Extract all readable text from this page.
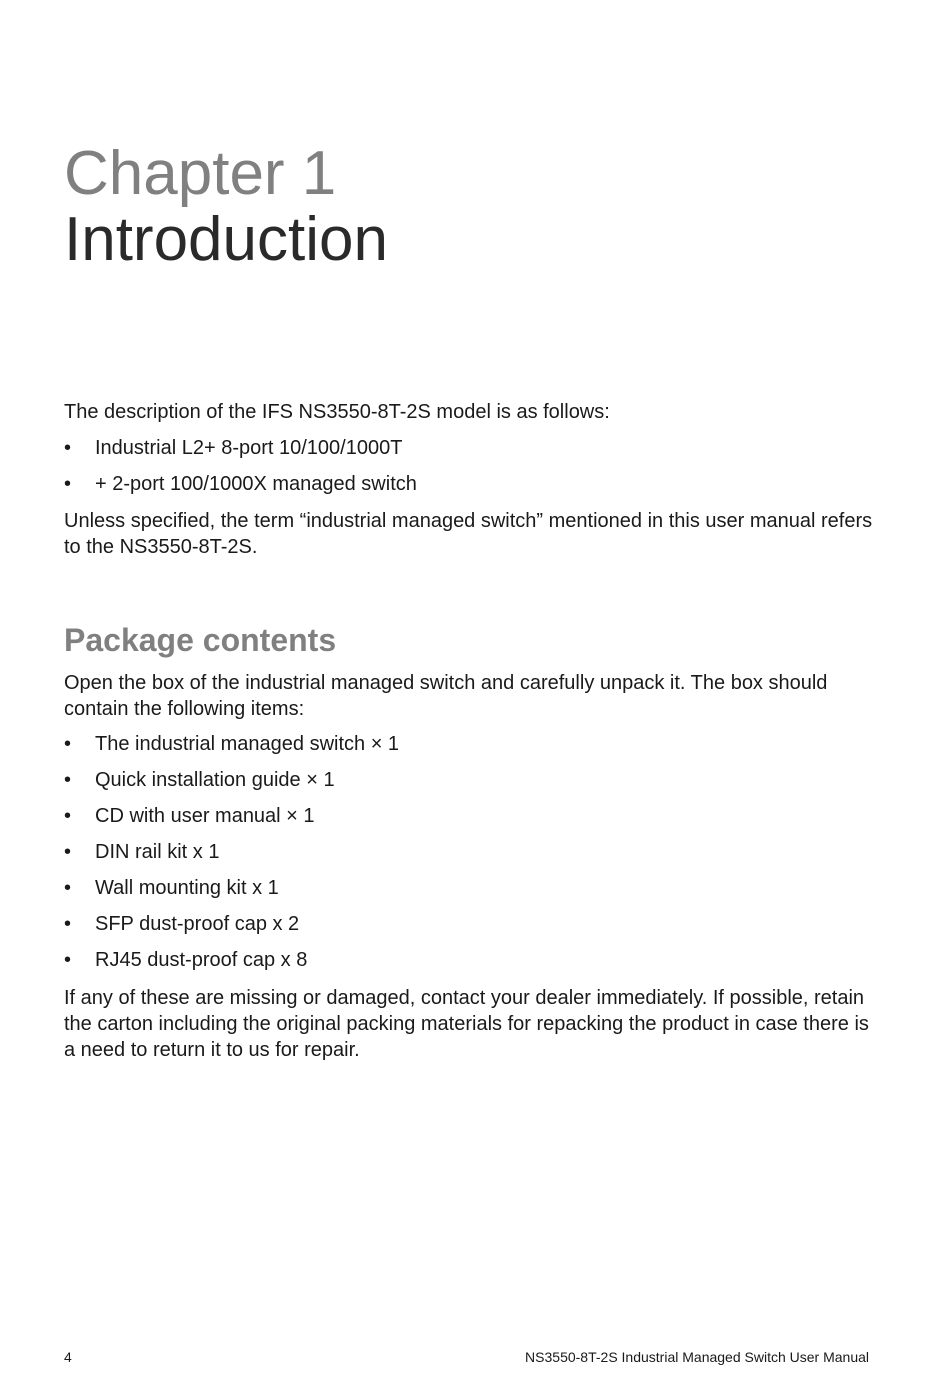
Chapter 1
Introduction

The description of the IFS NS3550-8T-2S model is as follows:

• Industrial L2+ 8-port 10/100/1000T
• + 2-port 100/1000X managed switch

Unless specified, the term “industrial managed switch” mentioned in this user manual refers to the NS3550-8T-2S.

Package contents

Open the box of the industrial managed switch and carefully unpack it. The box should contain the following items:

• The industrial managed switch × 1
• Quick installation guide × 1
• CD with user manual × 1
• DIN rail kit x 1
• Wall mounting kit x 1
• SFP dust-proof cap x 2
• RJ45 dust-proof cap x 8

If any of these are missing or damaged, contact your dealer immediately. If possible, retain the carton including the original packing materials for repacking the product in case there is a need to return it to us for repair.

4	NS3550-8T-2S Industrial Managed Switch User Manual
